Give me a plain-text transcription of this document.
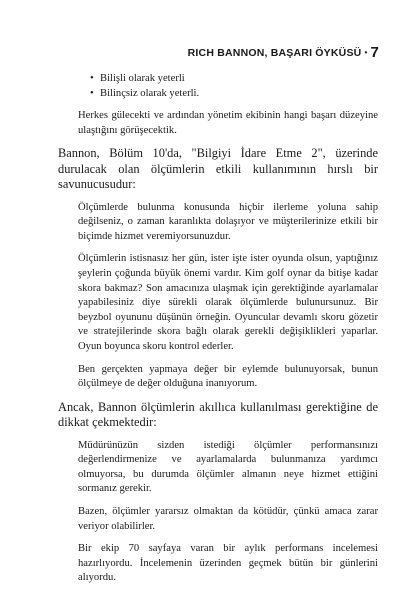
RICH BANNON, BAŞARI ÖYKÜSÜ • 7
• Bilişli olarak yeterli
• Bilinçsiz olarak yeterli.

Herkes gülecekti ve ardından yönetim ekibinin hangi başarı düzeyine ulaştığını görüşecektik.

Bannon, Bölüm 10'da, "Bilgiyi İdare Etme 2", üzerinde durulacak olan ölçümlerin etkili kullanımının hırslı bir savunucusudur:

Ölçümlerde bulunma konusunda hiçbir ilerleme yoluna sahip değilseniz, o zaman karanlıkta dolaşıyor ve müşterilerinize etkili bir biçimde hizmet veremiyorsunuzdur.

Ölçümlerin istisnasız her gün, ister işte ister oyunda olsun, yaptığınız şeylerin çoğunda büyük önemi vardır. Kim golf oynar da bitişe kadar skora bakmaz? Son amacınıza ulaşmak için gerektiğinde ayarlamalar yapabilesiniz diye sürekli olarak ölçümlerde bulunursunuz. Bir beyzbol oyununu düşünün örneğin. Oyuncular devamlı skoru gözetir ve stratejilerinde skora bağlı olarak gerekli değişiklikleri yaparlar. Oyun boyunca skoru kontrol ederler.

Ben gerçekten yapmaya değer bir eylemde bulunuyorsak, bunun ölçülmeye de değer olduğuna inanıyorum.

Ancak, Bannon ölçümlerin akıllıca kullanılması gerektiğine de dikkat çekmektedir:

Müdürünüzün sizden istediği ölçümler performansınızı değerlendirmenize ve ayarlamalarda bulunmanıza yardımcı olmuyorsa, bu durumda ölçümler almanın neye hizmet ettiğini sormanız gerekir.

Bazen, ölçümler yararsız olmaktan da kötüdür, çünkü amaca zarar veriyor olabilirler.

Bir ekip 70 sayfaya varan bir aylık performans incelemesi hazırlıyordu. İncelemenin üzerinden geçmek bütün bir günlerini alıyordu.
